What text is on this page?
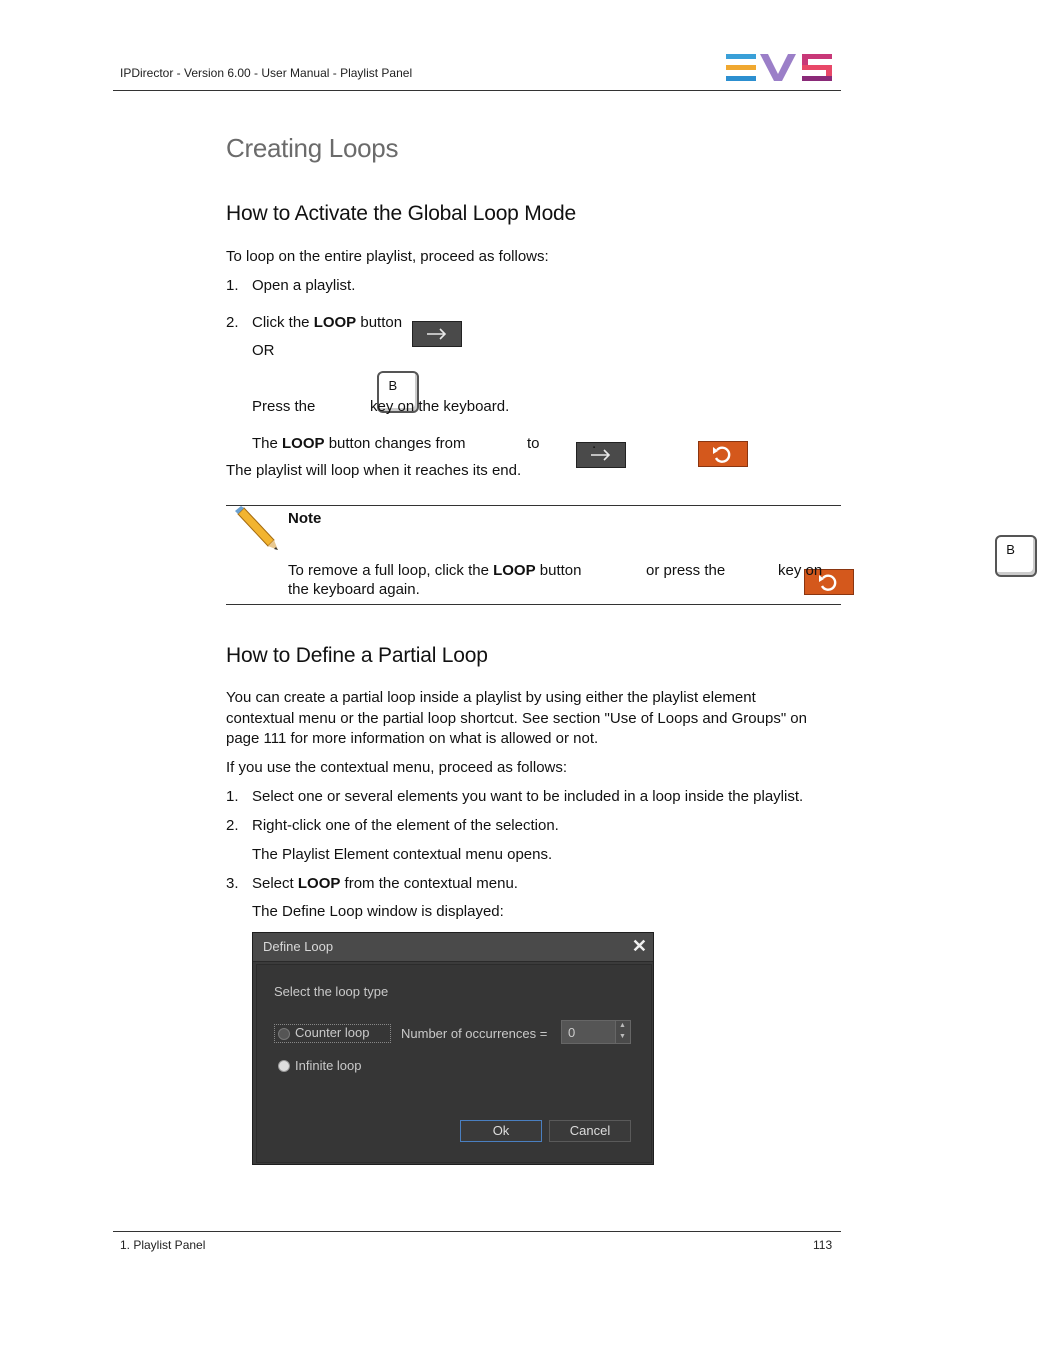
IPDirector - Version 6.00 - User Manual - Playlist Panel
Creating Loops
How to Activate the Global Loop Mode
To loop on the entire playlist, proceed as follows:
1. Open a playlist.
2. Click the LOOP button

OR
Press the
B

key on the keyboard.
The LOOP button changes from
	to
	.
The playlist will loop when it reaches its end.
Note
To remove a full loop, click the LOOP button
	or press the
B
key on
the keyboard again.
How to Define a Partial Loop
You can create a partial loop inside a playlist by using either the playlist element
contextual menu or the partial loop shortcut. See section "Use of Loops and Groups" on
page 111 for more information on what is allowed or not.
If you use the contextual menu, proceed as follows:
1. Select one or several elements you want to be included in a loop inside the playlist.
2. Right-click one of the element of the selection.
The Playlist Element contextual menu opens.
3. Select LOOP from the contextual menu.
The Define Loop window is displayed:
Define Loop	✕
Select the loop type
Counter loop Number of occurrences = 0	▲
▼
Infinite loop
Ok	Cancel
1. Playlist Panel	113
